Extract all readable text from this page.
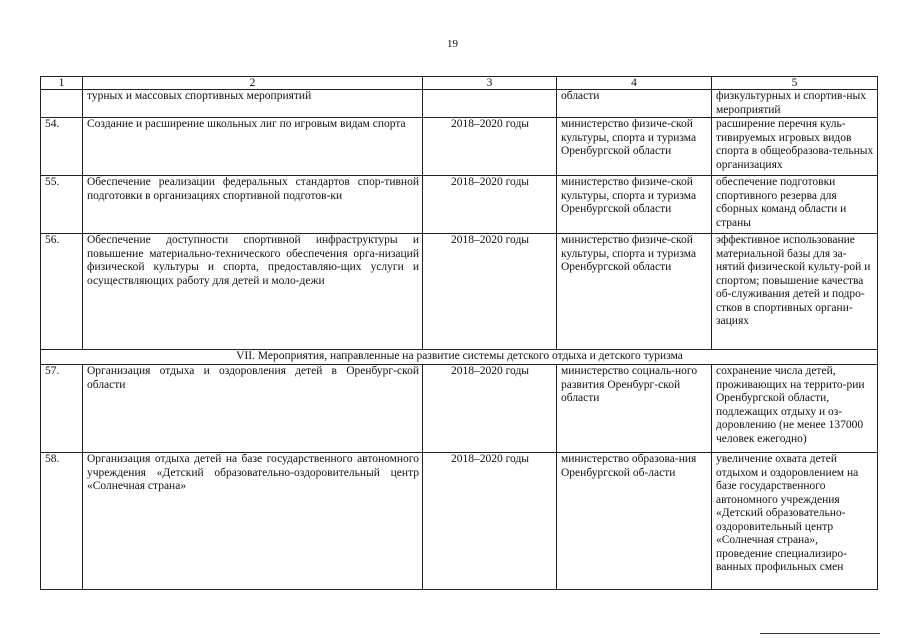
19
1	2	3	4	5
	турных и массовых спортивных мероприятий		области	физкультурных и спортив-ных мероприятий
54.	Создание и расширение школьных лиг по игровым видам спорта	2018–2020 годы	министерство физиче-ской культуры, спорта и туризма Оренбургской области	расширение перечня куль-тивируемых игровых видов спорта в общеобразова-тельных организациях
55.	Обеспечение реализации федеральных стандартов спор-тивной подготовки в организациях спортивной подготов-ки	2018–2020 годы	министерство физиче-ской культуры, спорта и туризма Оренбургской области	обеспечение подготовки спортивного резерва для сборных команд области и страны
56.	Обеспечение доступности спортивной инфраструктуры и повышение материально-технического обеспечения орга-низаций физической культуры и спорта, предоставляю-щих услуги и осуществляющих работу для детей и моло-дежи	2018–2020 годы	министерство физиче-ской культуры, спорта и туризма Оренбургской области	эффективное использование материальной базы для за-нятий физической культу-рой и спортом; повышение качества об-служивания детей и подро-стков в спортивных органи-зациях
VII. Мероприятия, направленные на развитие системы детского отдыха и детского туризма				
57.	Организация отдыха и оздоровления детей в Оренбург-ской области	2018–2020 годы	министерство социаль-ного развития Оренбург-ской области	сохранение числа детей, проживающих на террито-рии Оренбургской области, подлежащих отдыху и оз-доровлению (не менее 137000 человек ежегодно)
58.	Организация отдыха детей на базе государственного автономного учреждения «Детский образовательно-оздоровительный центр «Солнечная страна»	2018–2020 годы	министерство образова-ния Оренбургской об-ласти	увеличение охвата детей отдыхом и оздоровлением на базе государственного автономного учреждения «Детский образовательно-оздоровительный центр «Солнечная страна», проведение специализиро-ванных профильных смен
